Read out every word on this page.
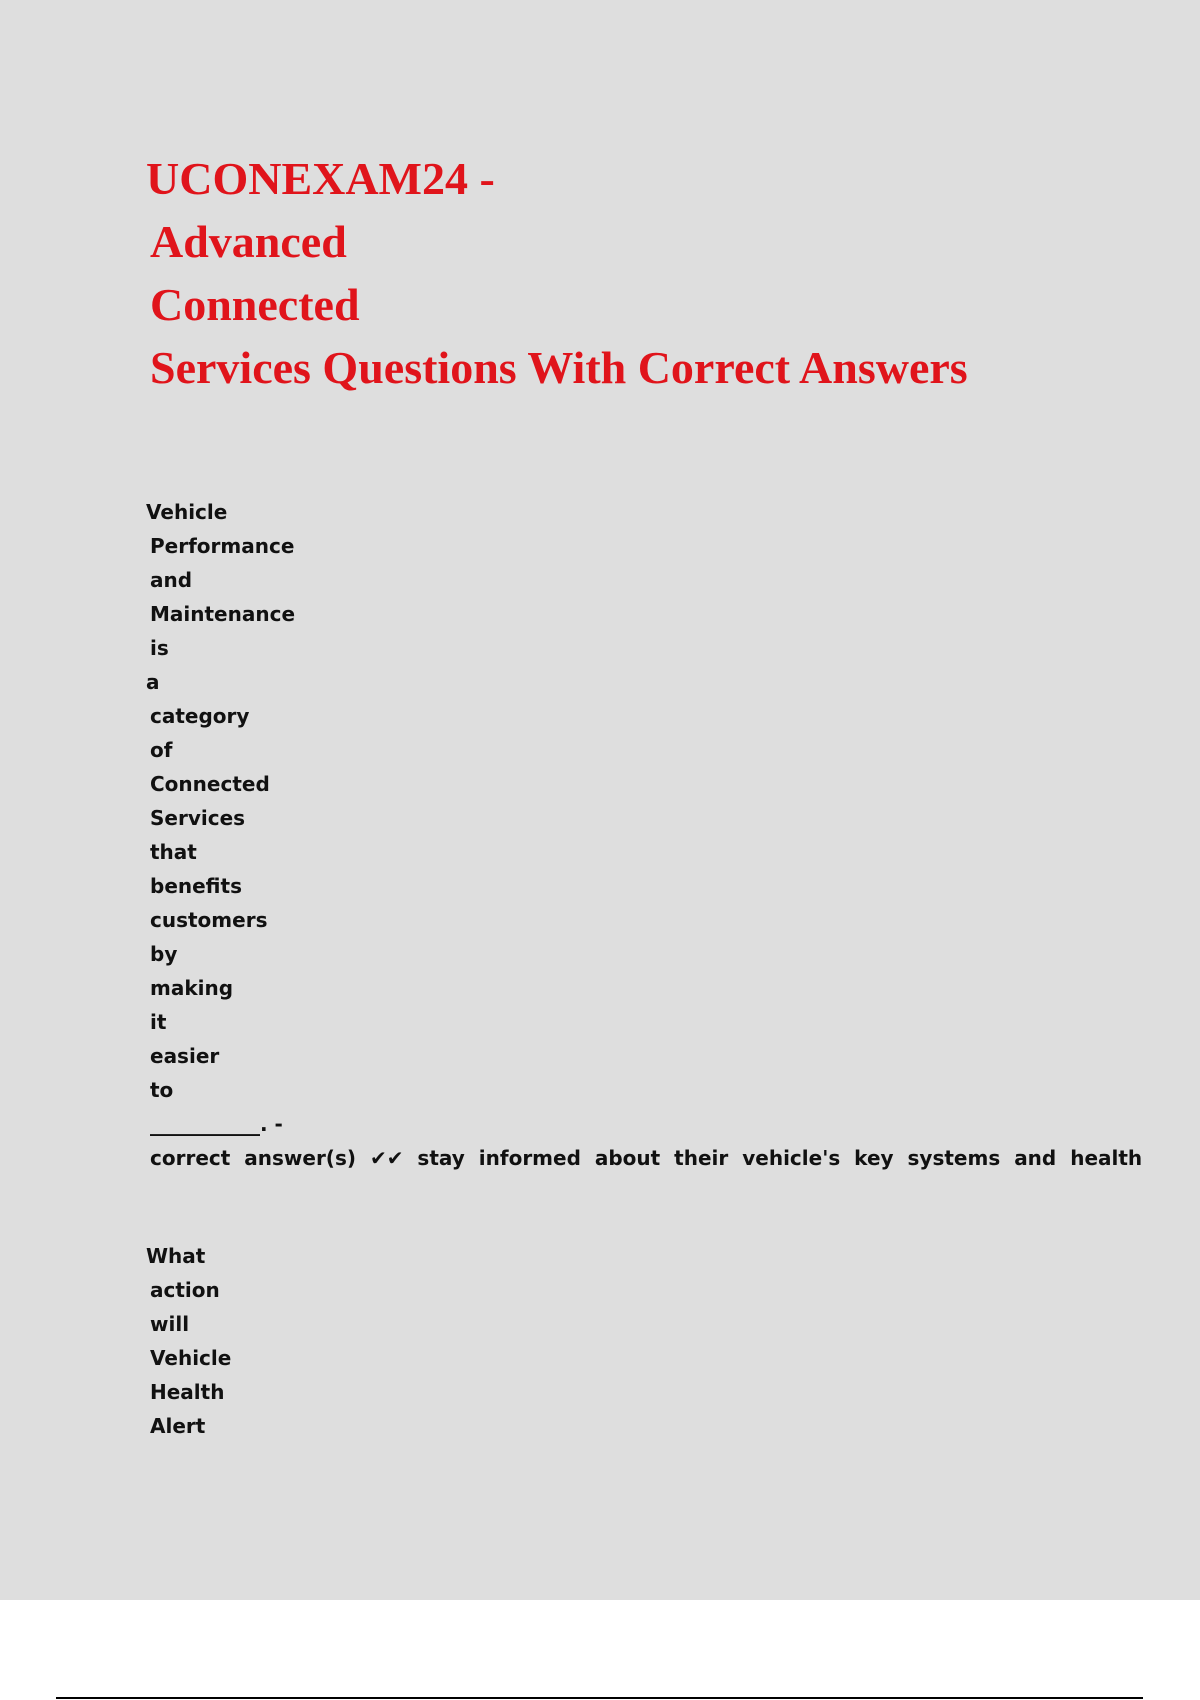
UCONEXAM24 -
Advanced
Connected
Services Questions With Correct Answers
Vehicle
Performance
and
Maintenance
is
a
category
of
Connected
Services
that
benefits
customers
by
making
it
easier
to
___________. -
correct answer(s) ✔✔ stay informed about their vehicle's key systems and health
What
action
will
Vehicle
Health
Alert
